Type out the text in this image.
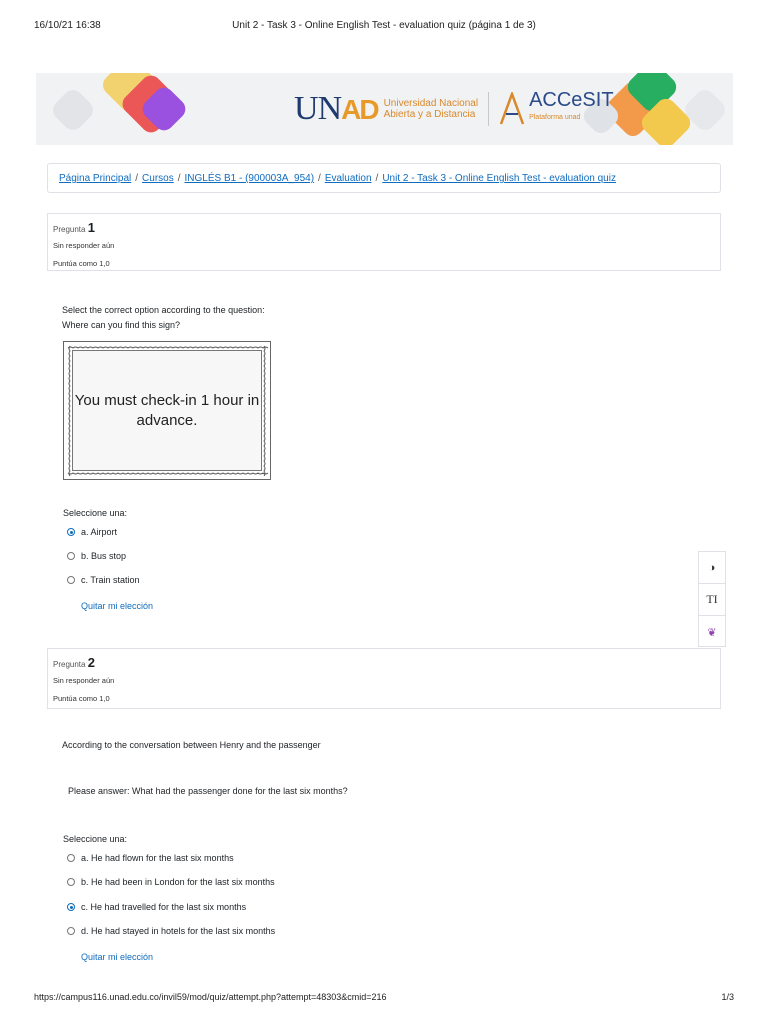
16/10/21 16:38	Unit 2 - Task 3 - Online English Test - evaluation quiz (página 1 de 3)
UNAD Universidad Nacional
Abierta y a Distancia
ACCeSIT
Plataforma unad
Página Principal / Cursos / INGLÉS B1 - (900003A_954) / Evaluation / Unit 2 - Task 3 - Online English Test - evaluation quiz
Pregunta 1
Sin responder aún
Puntúa como 1,0
Select the correct option according to the question:
Where can you find this sign?
You must check-in 1 hour in advance.
Seleccione una:
a. Airport
b. Bus stop
c. Train station
Quitar mi elección
◑
TI
❦
Pregunta 2
Sin responder aún
Puntúa como 1,0
According to the conversation between Henry and the passenger
Please answer: What had the passenger done for the last six months?
Seleccione una:
a. He had flown for the last six months
b. He had been in London for the last six months
c. He had travelled for the last six months
d. He had stayed in hotels for the last six months
Quitar mi elección
https://campus116.unad.edu.co/invil59/mod/quiz/attempt.php?attempt=48303&cmid=216	1/3
